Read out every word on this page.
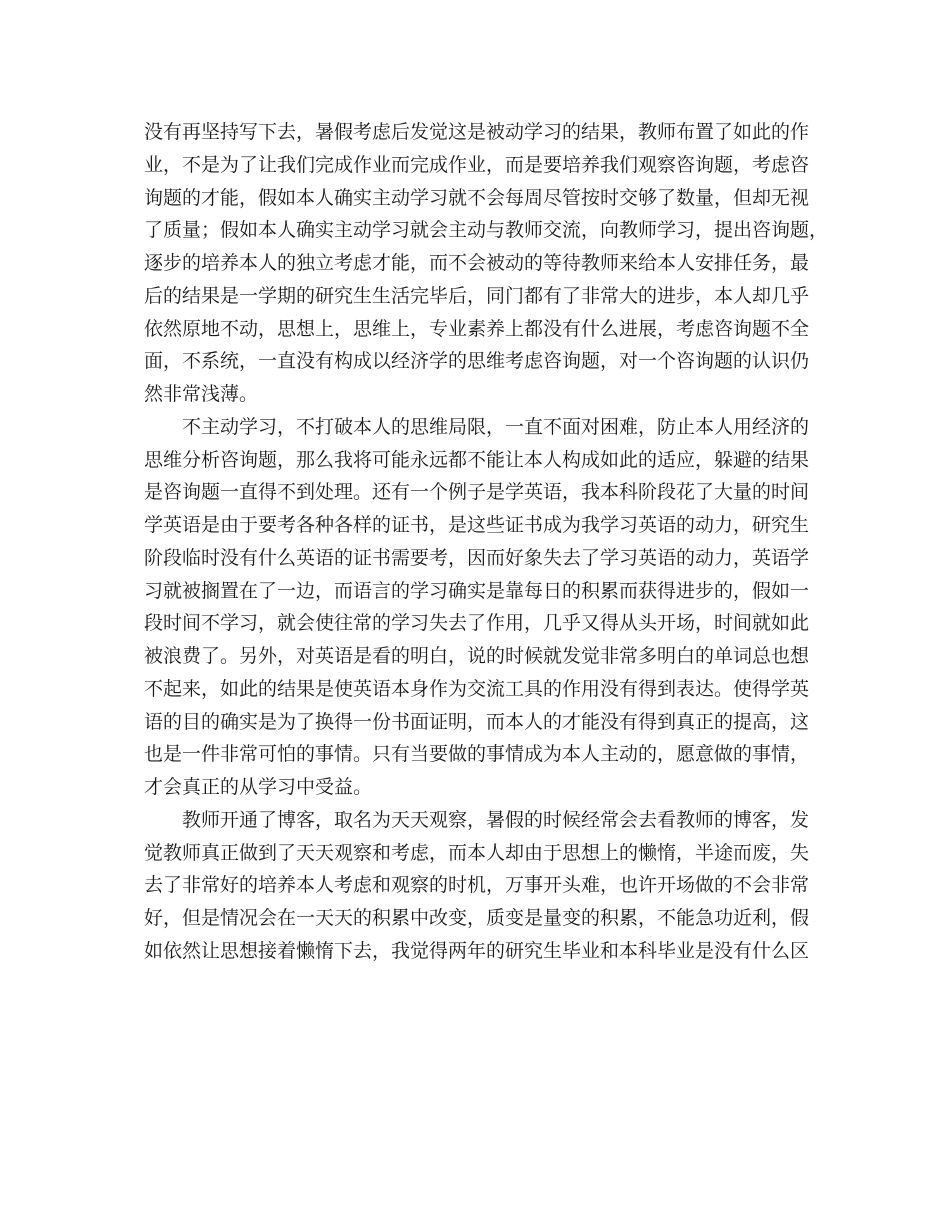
没有再坚持写下去，暑假考虑后发觉这是被动学习的结果，教师布置了如此的作
业，不是为了让我们完成作业而完成作业，而是要培养我们观察咨询题，考虑咨
询题的才能，假如本人确实主动学习就不会每周尽管按时交够了数量，但却无视
了质量；假如本人确实主动学习就会主动与教师交流，向教师学习，提出咨询题，
逐步的培养本人的独立考虑才能，而不会被动的等待教师来给本人安排任务，最
后的结果是一学期的研究生生活完毕后，同门都有了非常大的进步，本人却几乎
依然原地不动，思想上，思维上，专业素养上都没有什么进展，考虑咨询题不全
面，不系统，一直没有构成以经济学的思维考虑咨询题，对一个咨询题的认识仍
然非常浅薄。
不主动学习，不打破本人的思维局限，一直不面对困难，防止本人用经济的
思维分析咨询题，那么我将可能永远都不能让本人构成如此的适应，躲避的结果
是咨询题一直得不到处理。还有一个例子是学英语，我本科阶段花了大量的时间
学英语是由于要考各种各样的证书，是这些证书成为我学习英语的动力，研究生
阶段临时没有什么英语的证书需要考，因而好象失去了学习英语的动力，英语学
习就被搁置在了一边，而语言的学习确实是靠每日的积累而获得进步的，假如一
段时间不学习，就会使往常的学习失去了作用，几乎又得从头开场，时间就如此
被浪费了。另外，对英语是看的明白，说的时候就发觉非常多明白的单词总也想
不起来，如此的结果是使英语本身作为交流工具的作用没有得到表达。使得学英
语的目的确实是为了换得一份书面证明，而本人的才能没有得到真正的提高，这
也是一件非常可怕的事情。只有当要做的事情成为本人主动的，愿意做的事情，
才会真正的从学习中受益。
教师开通了博客，取名为天天观察，暑假的时候经常会去看教师的博客，发
觉教师真正做到了天天观察和考虑，而本人却由于思想上的懒惰，半途而废，失
去了非常好的培养本人考虑和观察的时机，万事开头难，也许开场做的不会非常
好，但是情况会在一天天的积累中改变，质变是量变的积累，不能急功近利，假
如依然让思想接着懒惰下去，我觉得两年的研究生毕业和本科毕业是没有什么区
